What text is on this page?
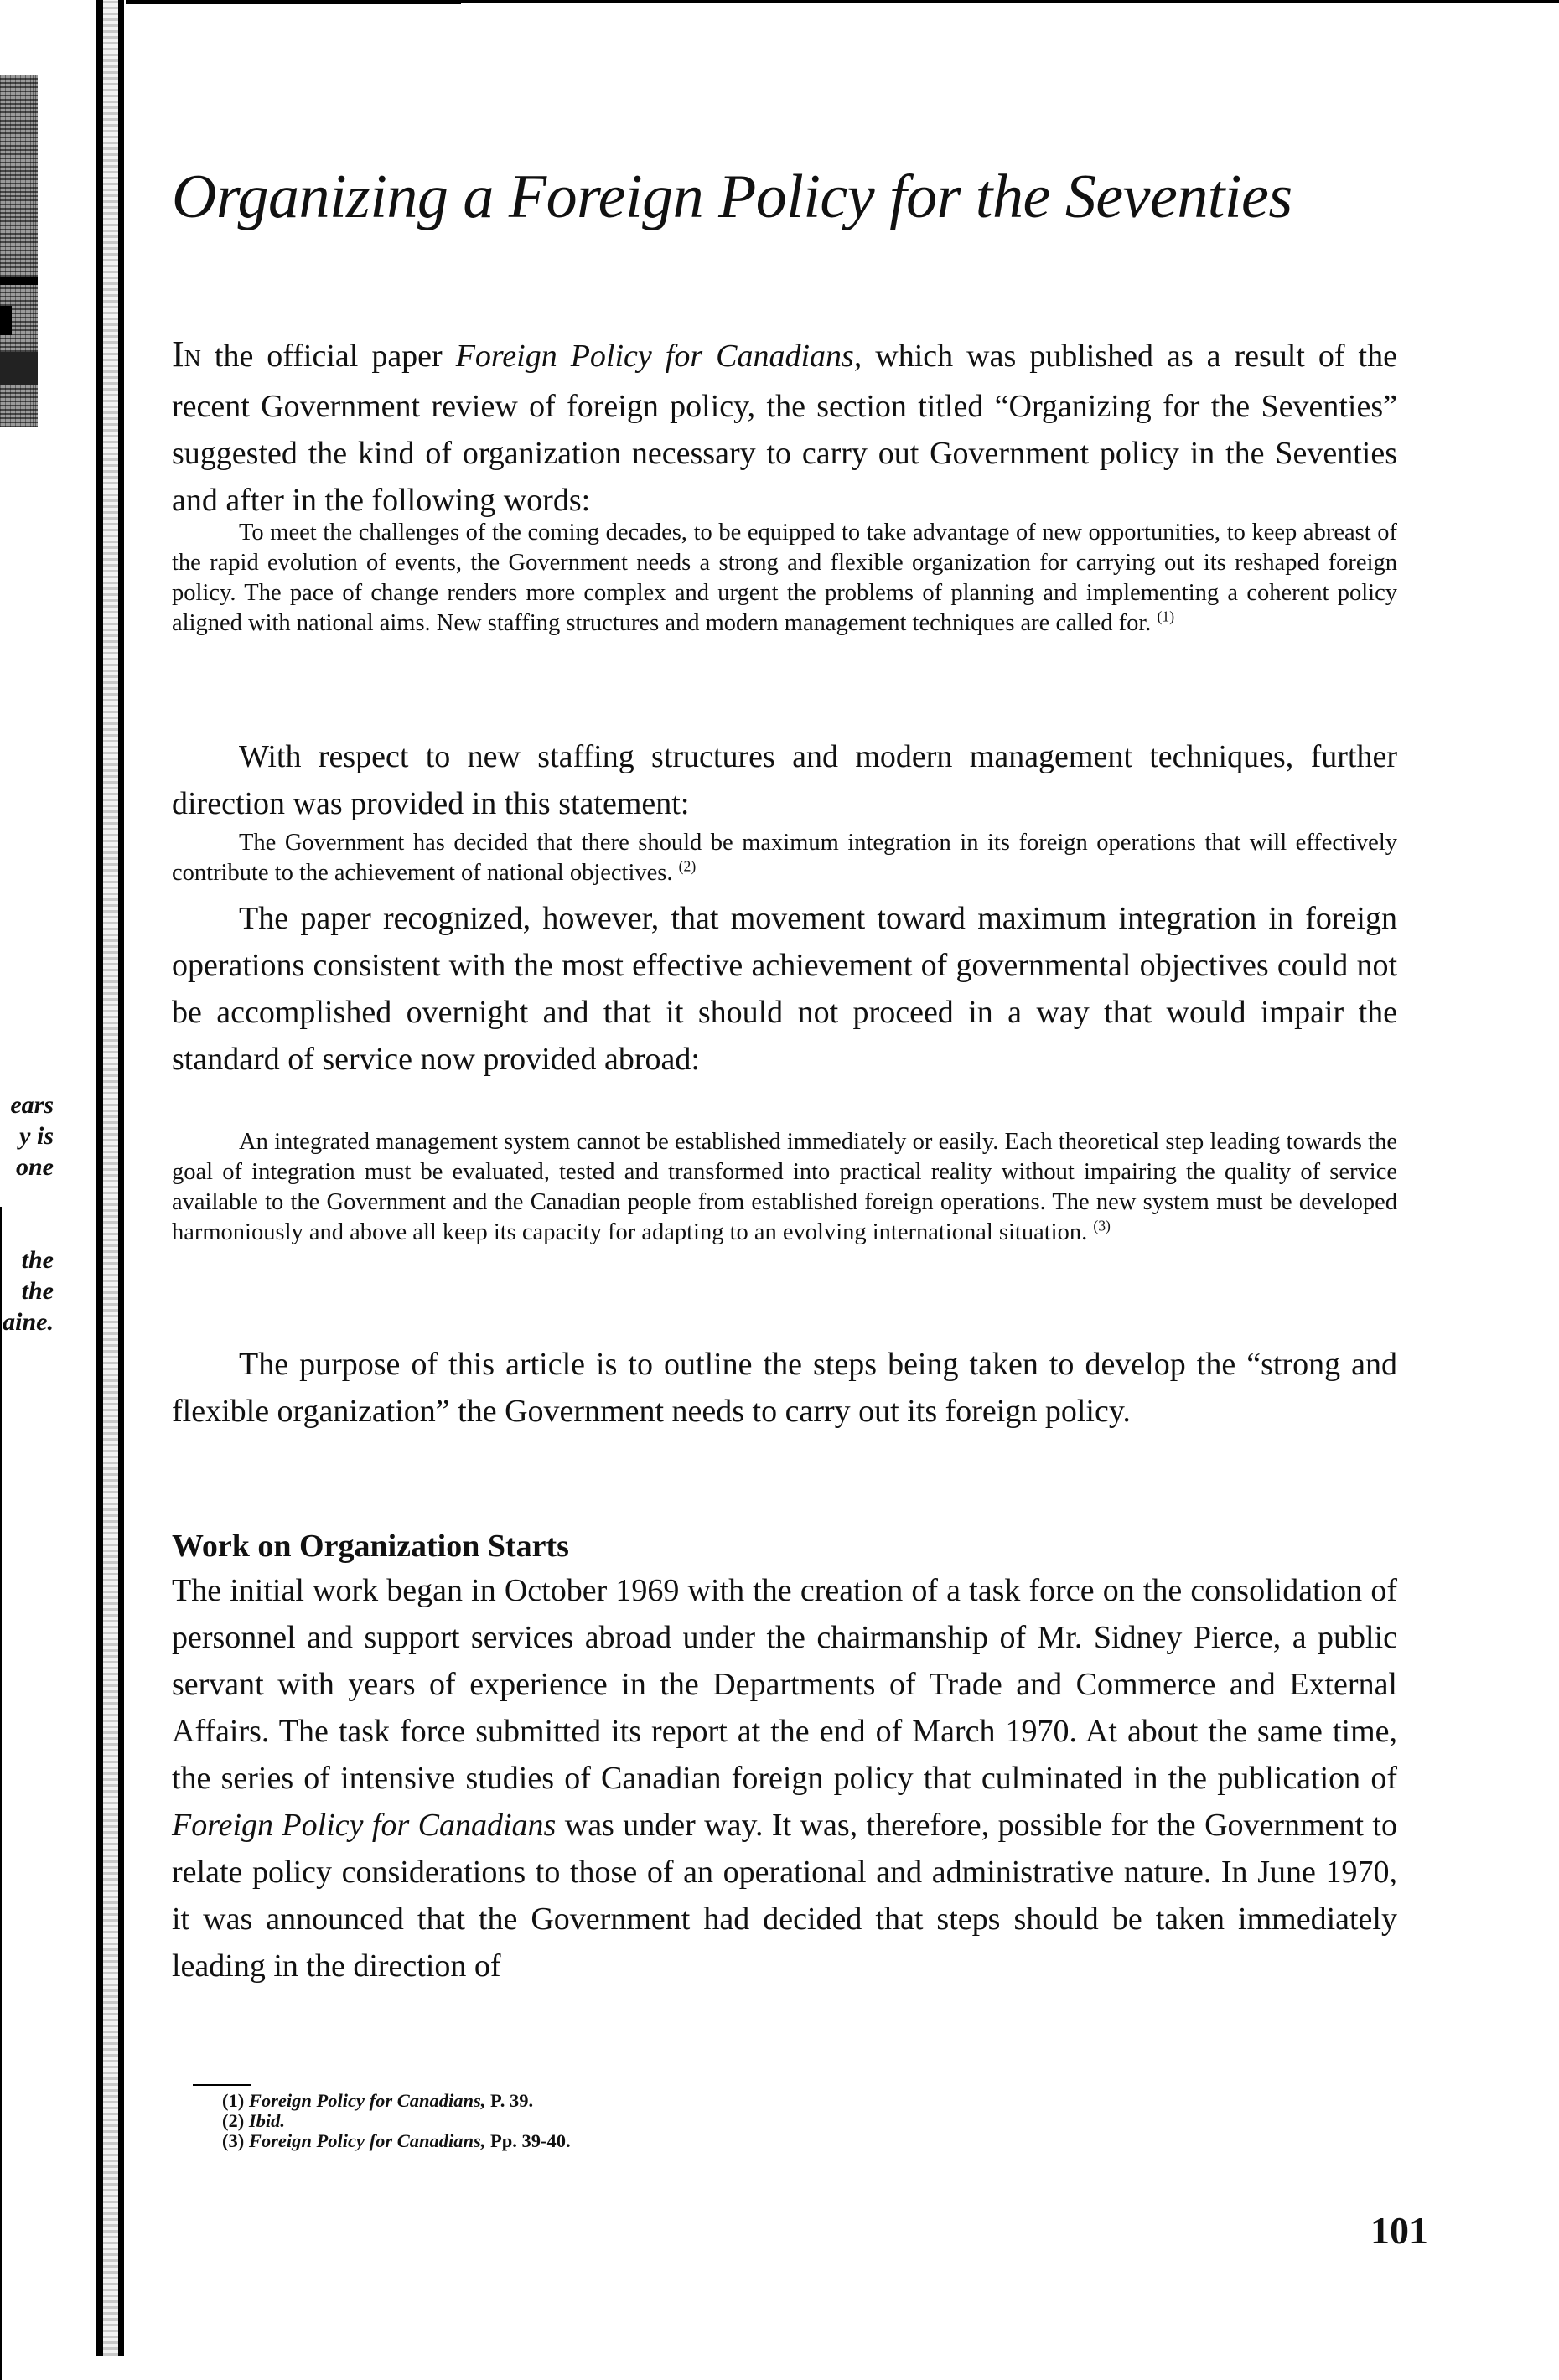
ears
y is
one
the
the
aine.
Organizing a Foreign Policy for the Seventies

IN the official paper Foreign Policy for Canadians, which was published as a result of the recent Government review of foreign policy, the section titled “Organizing for the Seventies” suggested the kind of organization necessary to carry out Government policy in the Seventies and after in the following words:

To meet the challenges of the coming decades, to be equipped to take advantage of new opportunities, to keep abreast of the rapid evolution of events, the Government needs a strong and flexible organization for carrying out its reshaped foreign policy. The pace of change renders more complex and urgent the problems of planning and implementing a coherent policy aligned with national aims. New staffing structures and modern management techniques are called for. $^{(1)}$

With respect to new staffing structures and modern management techniques, further direction was provided in this statement:

The Government has decided that there should be maximum integration in its foreign operations that will effectively contribute to the achievement of national objectives. $^{(2)}$

The paper recognized, however, that movement toward maximum integration in foreign operations consistent with the most effective achievement of governmental objectives could not be accomplished overnight and that it should not proceed in a way that would impair the standard of service now provided abroad:

An integrated management system cannot be established immediately or easily. Each theoretical step leading towards the goal of integration must be evaluated, tested and transformed into practical reality without impairing the quality of service available to the Government and the Canadian people from established foreign operations. The new system must be developed harmoniously and above all keep its capacity for adapting to an evolving international situation. $^{(3)}$

The purpose of this article is to outline the steps being taken to develop the “strong and flexible organization” the Government needs to carry out its foreign policy.

Work on Organization Starts

The initial work began in October 1969 with the creation of a task force on the consolidation of personnel and support services abroad under the chairmanship of Mr. Sidney Pierce, a public servant with years of experience in the Departments of Trade and Commerce and External Affairs. The task force submitted its report at the end of March 1970. At about the same time, the series of intensive studies of Canadian foreign policy that culminated in the publication of Foreign Policy for Canadians was under way. It was, therefore, possible for the Government to relate policy considerations to those of an operational and administrative nature. In June 1970, it was announced that the Government had decided that steps should be taken immediately leading in the direction of

(1) Foreign Policy for Canadians, P. 39.
(2) Ibid.
(3) Foreign Policy for Canadians, Pp. 39-40.
101
